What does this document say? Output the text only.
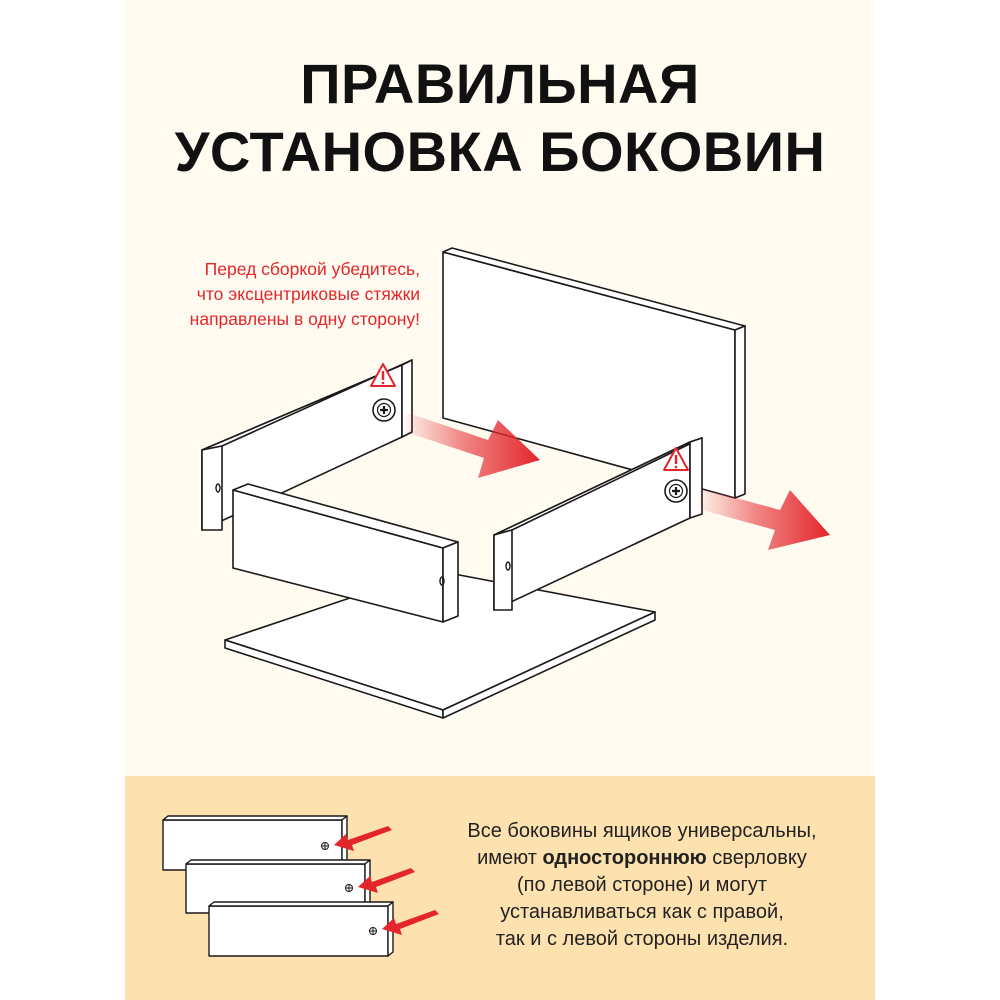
ПРАВИЛЬНАЯ
УСТАНОВКА БОКОВИН
Перед сборкой убедитесь,
что эксцентриковые стяжки
направлены в одну сторону!
Все боковины ящиков универсальны,
имеют одностороннюю сверловку
(по левой стороне) и могут
устанавливаться как с правой,
так и с левой стороны изделия.
